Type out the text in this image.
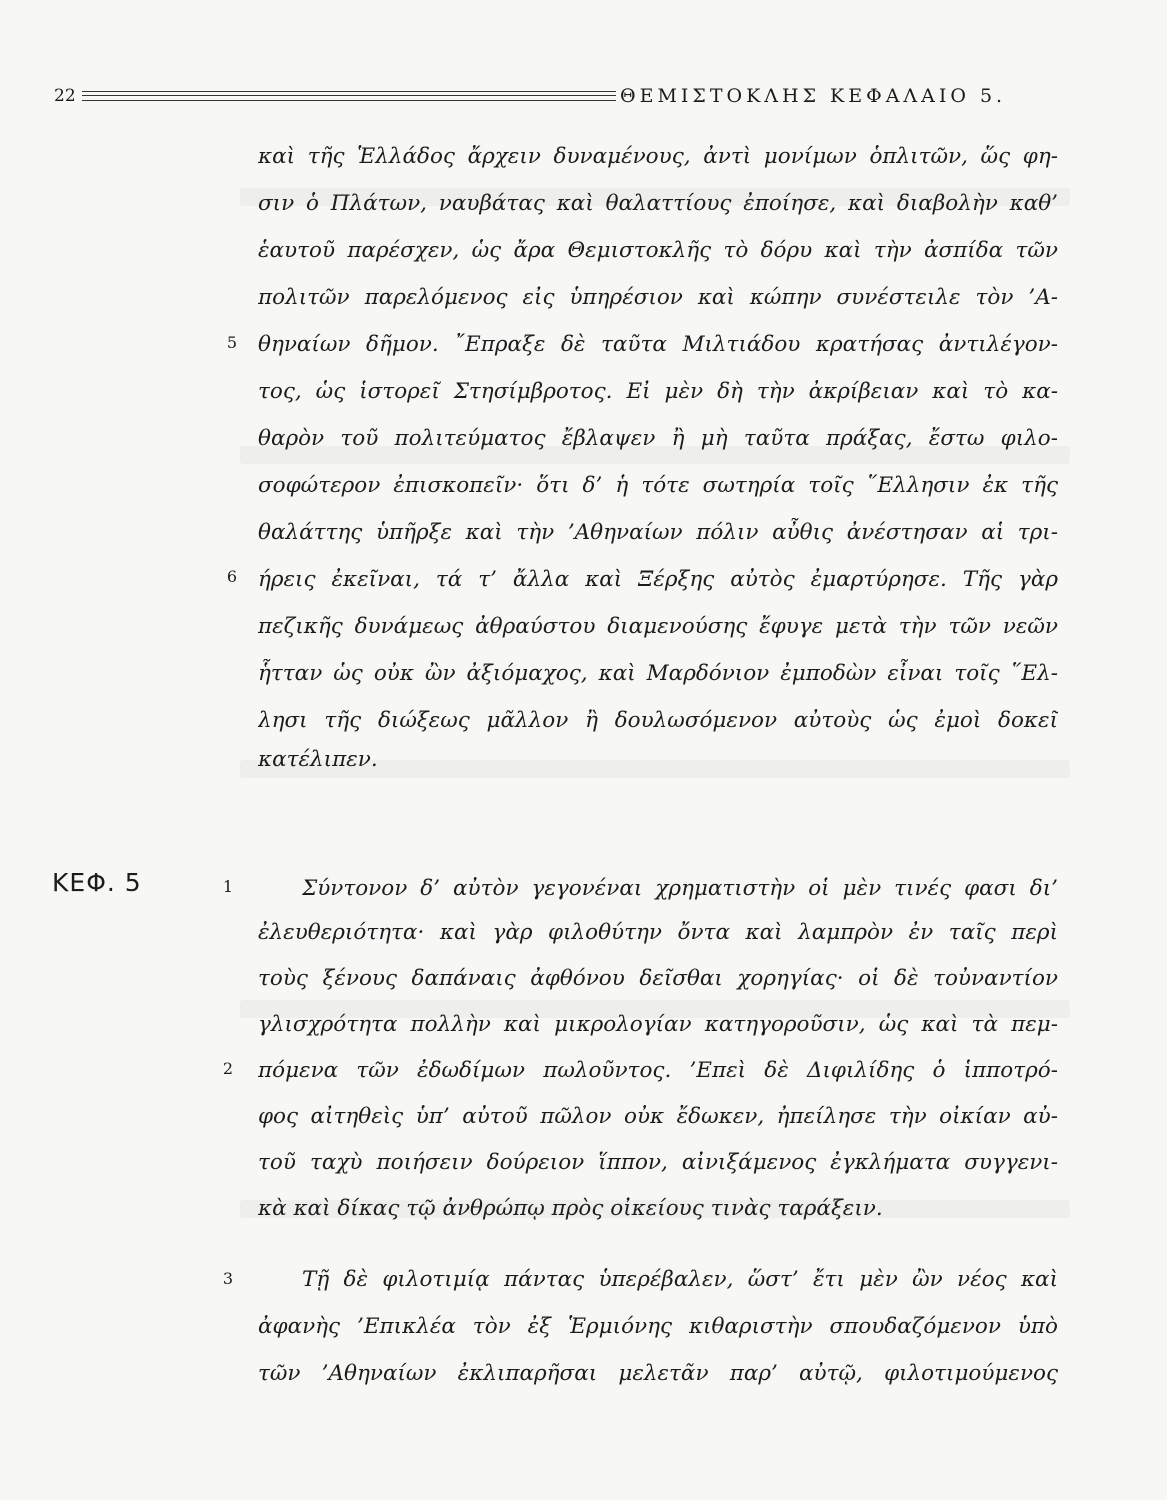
22	ΘΕΜΙΣΤΟΚΛΗΣ ΚΕΦΑΛΑΙΟ 5.
5
6
1
2
3
ΚΕΦ. 5
καὶ τῆς Ἑλλάδος ἄρχειν δυναμένους, ἀντὶ μονίμων ὁπλιτῶν, ὥς φη-
σιν ὁ Πλάτων, ναυβάτας καὶ θαλαττίους ἐποίησε, καὶ διαβολὴν καθ’
ἑαυτοῦ παρέσχεν, ὡς ἄρα Θεμιστοκλῆς τὸ δόρυ καὶ τὴν ἀσπίδα τῶν
πολιτῶν παρελόμενος εἰς ὑπηρέσιον καὶ κώπην συνέστειλε τὸν ’Α-
θηναίων δῆμον. ῎Επραξε δὲ ταῦτα Μιλτιάδου κρατήσας ἀντιλέγον-
τος, ὡς ἱστορεῖ Στησίμβροτος. Εἰ μὲν δὴ τὴν ἀκρίβειαν καὶ τὸ κα-
θαρὸν τοῦ πολιτεύματος ἔβλαψεν ἢ μὴ ταῦτα πράξας, ἔστω φιλο-
σοφώτερον ἐπισκοπεῖν· ὅτι δ’ ἡ τότε σωτηρία τοῖς ῞Ελλησιν ἐκ τῆς
θαλάττης ὑπῆρξε καὶ τὴν ’Αθηναίων πόλιν αὖθις ἀνέστησαν αἱ τρι-
ήρεις ἐκεῖναι, τά τ’ ἄλλα καὶ Ξέρξης αὐτὸς ἐμαρτύρησε. Τῆς γὰρ
πεζικῆς δυνάμεως ἀθραύστου διαμενούσης ἔφυγε μετὰ τὴν τῶν νεῶν
ἧτταν ὡς οὐκ ὢν ἀξιόμαχος, καὶ Μαρδόνιον ἐμποδὼν εἶναι τοῖς ῞Ελ-
λησι τῆς διώξεως μᾶλλον ἢ δουλωσόμενον αὐτοὺς ὡς ἐμοὶ δοκεῖ
κατέλιπεν.
Σύντονον δ’ αὐτὸν γεγονέναι χρηματιστὴν οἱ μὲν τινές φασι δι’
ἐλευθεριότητα· καὶ γὰρ φιλοθύτην ὄντα καὶ λαμπρὸν ἐν ταῖς περὶ
τοὺς ξένους δαπάναις ἀφθόνου δεῖσθαι χορηγίας· οἱ δὲ τοὐναντίον
γλισχρότητα πολλὴν καὶ μικρολογίαν κατηγοροῦσιν, ὡς καὶ τὰ πεμ-
πόμενα τῶν ἐδωδίμων πωλοῦντος. ’Επεὶ δὲ Διφιλίδης ὁ ἱπποτρό-
φος αἰτηθεὶς ὑπ’ αὐτοῦ πῶλον οὐκ ἔδωκεν, ἠπείλησε τὴν οἰκίαν αὐ-
τοῦ ταχὺ ποιήσειν δούρειον ἵππον, αἰνιξάμενος ἐγκλήματα συγγενι-
κὰ καὶ δίκας τῷ ἀνθρώπῳ πρὸς οἰκείους τινὰς ταράξειν.
Τῇ δὲ φιλοτιμίᾳ πάντας ὑπερέβαλεν, ὥστ’ ἔτι μὲν ὢν νέος καὶ
ἀφανὴς ’Επικλέα τὸν ἐξ Ἑρμιόνης κιθαριστὴν σπουδαζόμενον ὑπὸ
τῶν ’Αθηναίων ἐκλιπαρῆσαι μελετᾶν παρ’ αὐτῷ, φιλοτιμούμενος
